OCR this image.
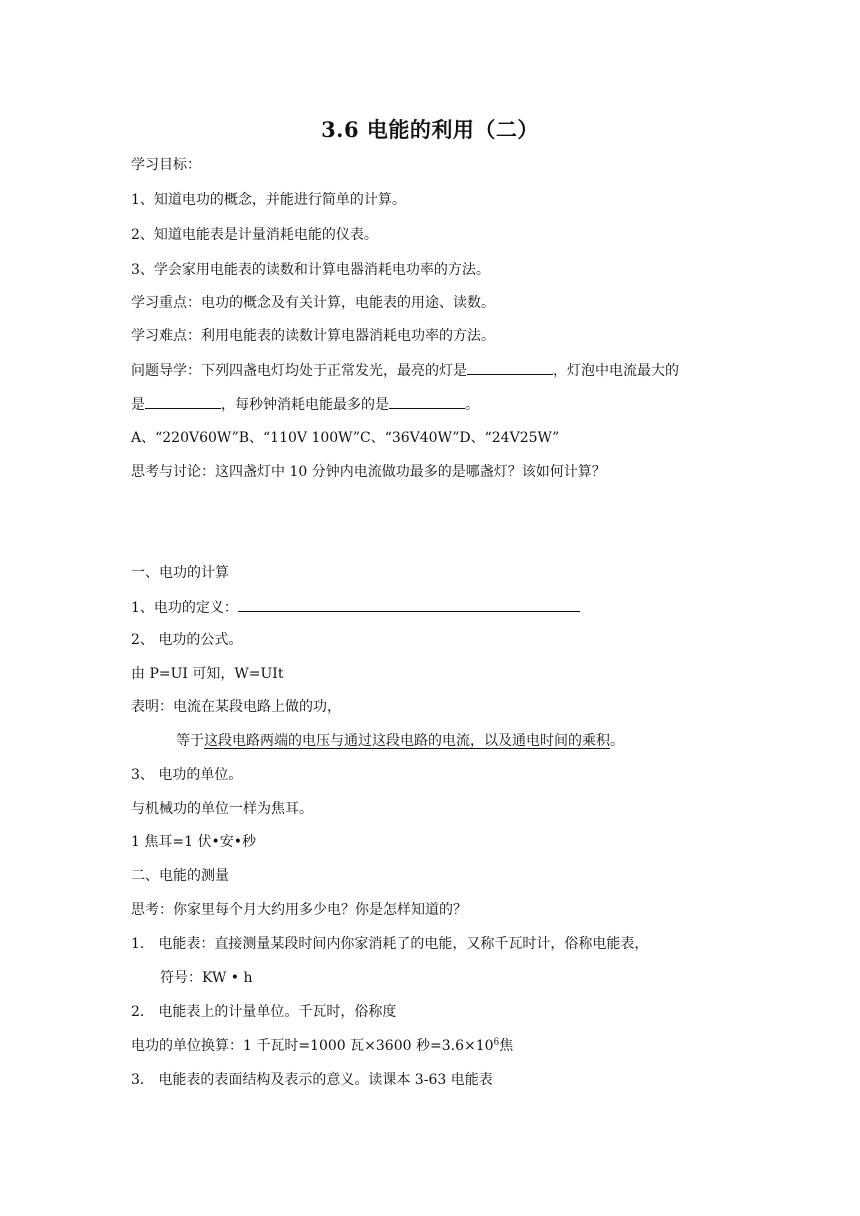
3.6 电能的利用（二）
学习目标：
1、知道电功的概念，并能进行简单的计算。
2、知道电能表是计量消耗电能的仪表。
3、学会家用电能表的读数和计算电器消耗电功率的方法。
学习重点：电功的概念及有关计算，电能表的用途、读数。
学习难点：利用电能表的读数计算电器消耗电功率的方法。
问题导学：下列四盏电灯均处于正常发光，最亮的灯是	，灯泡中电流最大的
是	，每秒钟消耗电能最多的是	。
A、“220V60W”B、“110V 100W”C、“36V40W”D、“24V25W”
思考与讨论：这四盏灯中 10 分钟内电流做功最多的是哪盏灯？该如何计算？
一、电功的计算
1、电功的定义：
2、 电功的公式。
由 P=UI 可知，W=UIt
表明：电流在某段电路上做的功，
等于这段电路两端的电压与通过这段电路的电流，以及通电时间的乘积。
3、 电功的单位。
与机械功的单位一样为焦耳。
1 焦耳=1 伏•安•秒
二、电能的测量
思考：你家里每个月大约用多少电？你是怎样知道的？
1． 电能表：直接测量某段时间内你家消耗了的电能，又称千瓦时计，俗称电能表，
符号：KW • h
2． 电能表上的计量单位。千瓦时，俗称度
电功的单位换算：1 千瓦时=1000 瓦×3600 秒$=3.6\times 10^6$焦
3． 电能表的表面结构及表示的意义。读课本 3-63 电能表
